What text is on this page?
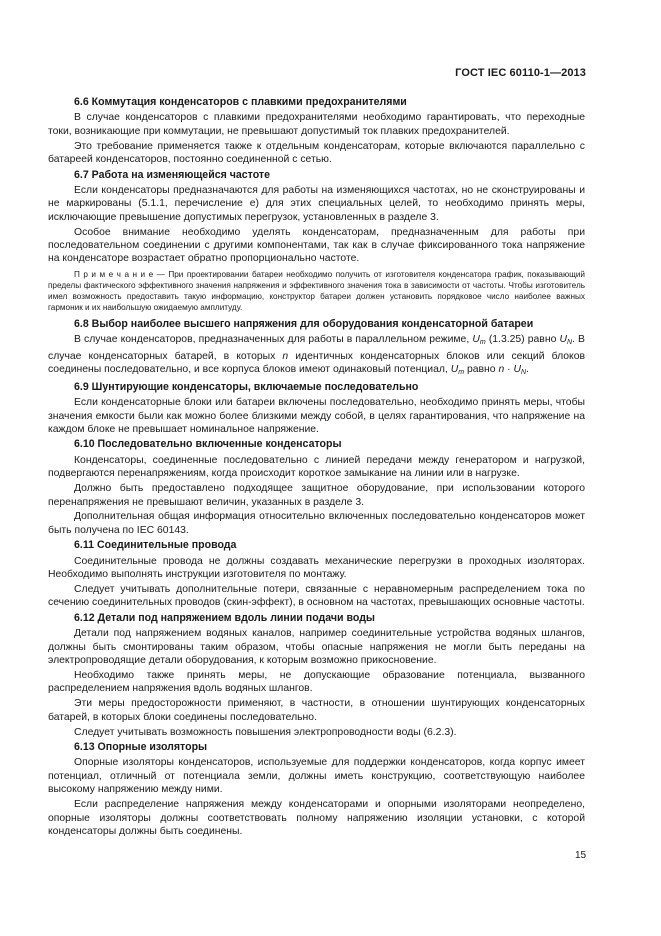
ГОСТ IEC 60110-1—2013
6.6 Коммутация конденсаторов с плавкими предохранителями

В случае конденсаторов с плавкими предохранителями необходимо гарантировать, что переходные токи, возникающие при коммутации, не превышают допустимый ток плавких предохранителей.

Это требование применяется также к отдельным конденсаторам, которые включаются параллельно с батареей конденсаторов, постоянно соединенной с сетью.

6.7 Работа на изменяющейся частоте

Если конденсаторы предназначаются для работы на изменяющихся частотах, но не сконструированы и не маркированы (5.1.1, перечисление e) для этих специальных целей, то необходимо принять меры, исключающие превышение допустимых перегрузок, установленных в разделе 3.

Особое внимание необходимо уделять конденсаторам, предназначенным для работы при последовательном соединении с другими компонентами, так как в случае фиксированного тока напряжение на конденсаторе возрастает обратно пропорционально частоте.

П р и м е ч а н и е — При проектировании батареи необходимо получить от изготовителя конденсатора график, показывающий пределы фактического эффективного значения напряжения и эффективного значения тока в зависимости от частоты. Чтобы изготовитель имел возможность предоставить такую информацию, конструктор батареи должен установить порядковое число наиболее важных гармоник и их наибольшую ожидаемую амплитуду.

6.8 Выбор наиболее высшего напряжения для оборудования конденсаторной батареи

В случае конденсаторов, предназначенных для работы в параллельном режиме, $U_m$ (1.3.25) равно $U_N$. В случае конденсаторных батарей, в которых n идентичных конденсаторных блоков или секций блоков соединены последовательно, и все корпуса блоков имеют одинаковый потенциал, $U_m$ равно $n \cdot U_N$.

6.9 Шунтирующие конденсаторы, включаемые последовательно

Если конденсаторные блоки или батареи включены последовательно, необходимо принять меры, чтобы значения емкости были как можно более близкими между собой, в целях гарантирования, что напряжение на каждом блоке не превышает номинальное напряжение.

6.10 Последовательно включенные конденсаторы

Конденсаторы, соединенные последовательно с линией передачи между генератором и нагрузкой, подвергаются перенапряжениям, когда происходит короткое замыкание на линии или в нагрузке.

Должно быть предоставлено подходящее защитное оборудование, при использовании которого перенапряжения не превышают величин, указанных в разделе 3.

Дополнительная общая информация относительно включенных последовательно конденсаторов может быть получена по IEC 60143.

6.11 Соединительные провода

Соединительные провода не должны создавать механические перегрузки в проходных изоляторах. Необходимо выполнять инструкции изготовителя по монтажу.

Следует учитывать дополнительные потери, связанные с неравномерным распределением тока по сечению соединительных проводов (скин-эффект), в основном на частотах, превышающих основные частоты.

6.12 Детали под напряжением вдоль линии подачи воды

Детали под напряжением водяных каналов, например соединительные устройства водяных шлангов, должны быть смонтированы таким образом, чтобы опасные напряжения не могли быть переданы на электропроводящие детали оборудования, к которым возможно прикосновение.

Необходимо также принять меры, не допускающие образование потенциала, вызванного распределением напряжения вдоль водяных шлангов.

Эти меры предосторожности применяют, в частности, в отношении шунтирующих конденсаторных батарей, в которых блоки соединены последовательно.

Следует учитывать возможность повышения электропроводности воды (6.2.3).

6.13 Опорные изоляторы

Опорные изоляторы конденсаторов, используемые для поддержки конденсаторов, когда корпус имеет потенциал, отличный от потенциала земли, должны иметь конструкцию, соответствующую наиболее высокому напряжению между ними.

Если распределение напряжения между конденсаторами и опорными изоляторами неопределено, опорные изоляторы должны соответствовать полному напряжению изоляции установки, с которой конденсаторы должны быть соединены.

15
